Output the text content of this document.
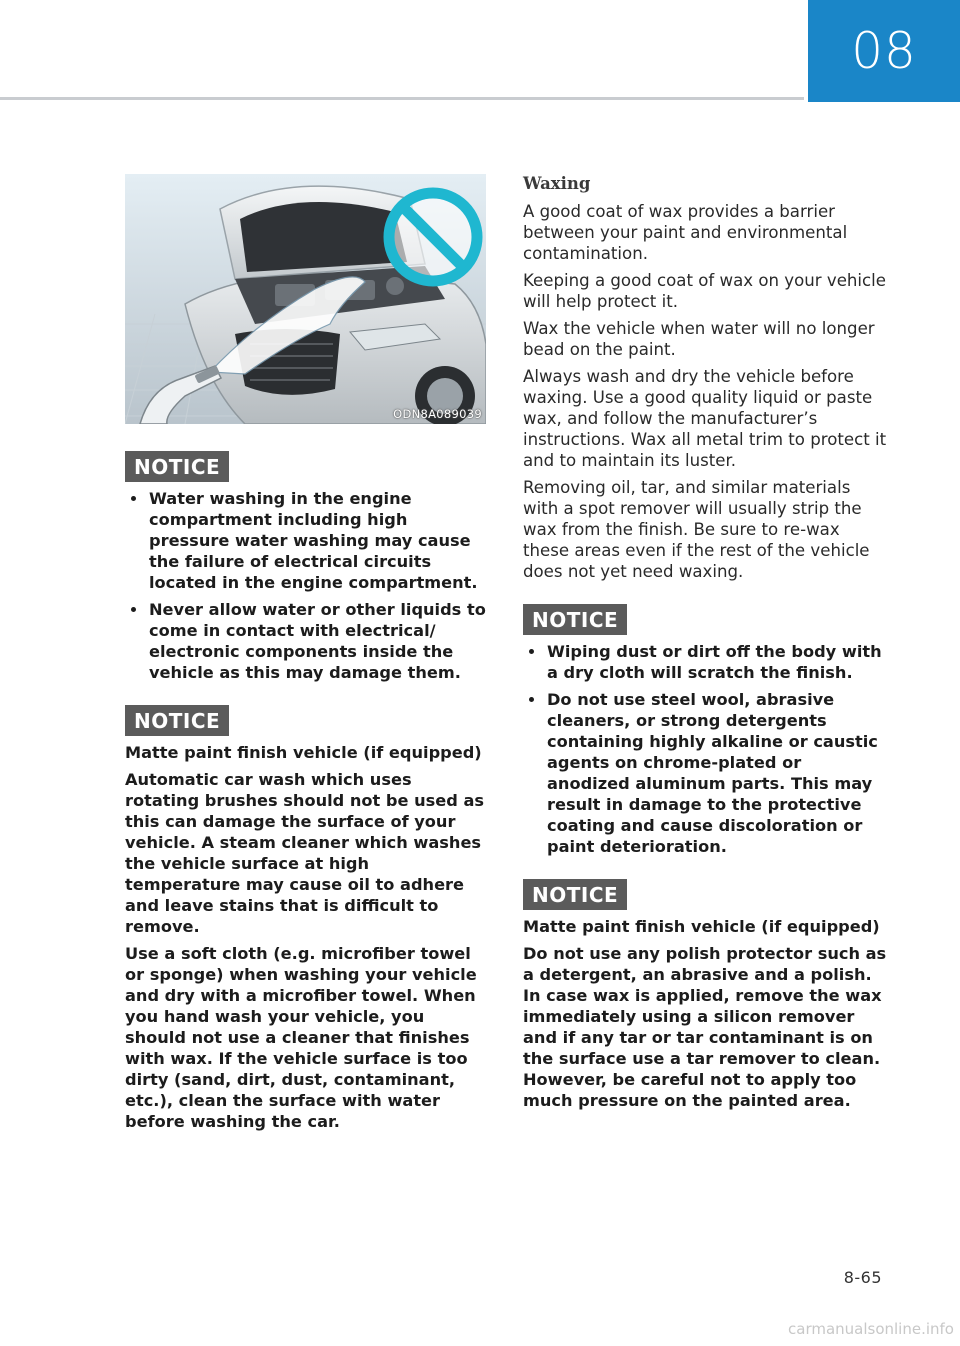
08
ODN8A089039
NOTICE
Water washing in the engine compartment including high pressure water washing may cause the failure of electrical circuits located in the engine compartment.
Never allow water or other liquids to come in contact with electrical/ electronic components inside the vehicle as this may damage them.
NOTICE

Matte paint finish vehicle (if equipped)

Automatic car wash which uses rotating brushes should not be used as this can damage the surface of your vehicle. A steam cleaner which washes the vehicle surface at high temperature may cause oil to adhere and leave stains that is difficult to remove.

Use a soft cloth (e.g. microfiber towel or sponge) when washing your vehicle and dry with a microfiber towel. When you hand wash your vehicle, you should not use a cleaner that finishes with wax. If the vehicle surface is too dirty (sand, dirt, dust, contaminant, etc.), clean the surface with water before washing the car.

Waxing

A good coat of wax provides a barrier between your paint and environmental contamination.

Keeping a good coat of wax on your vehicle will help protect it.

Wax the vehicle when water will no longer bead on the paint.

Always wash and dry the vehicle before waxing. Use a good quality liquid or paste wax, and follow the manufacturer’s instructions. Wax all metal trim to protect it and to maintain its luster.

Removing oil, tar, and similar materials with a spot remover will usually strip the wax from the finish. Be sure to re-wax these areas even if the rest of the vehicle does not yet need waxing.

NOTICE
Wiping dust or dirt off the body with a dry cloth will scratch the finish.
Do not use steel wool, abrasive cleaners, or strong detergents containing highly alkaline or caustic agents on chrome-plated or anodized aluminum parts. This may result in damage to the protective coating and cause discoloration or paint deterioration.
NOTICE

Matte paint finish vehicle (if equipped)

Do not use any polish protector such as a detergent, an abrasive and a polish. In case wax is applied, remove the wax immediately using a silicon remover and if any tar or tar contaminant is on the surface use a tar remover to clean. However, be careful not to apply too much pressure on the painted area.

8-65
carmanualsonline.info
